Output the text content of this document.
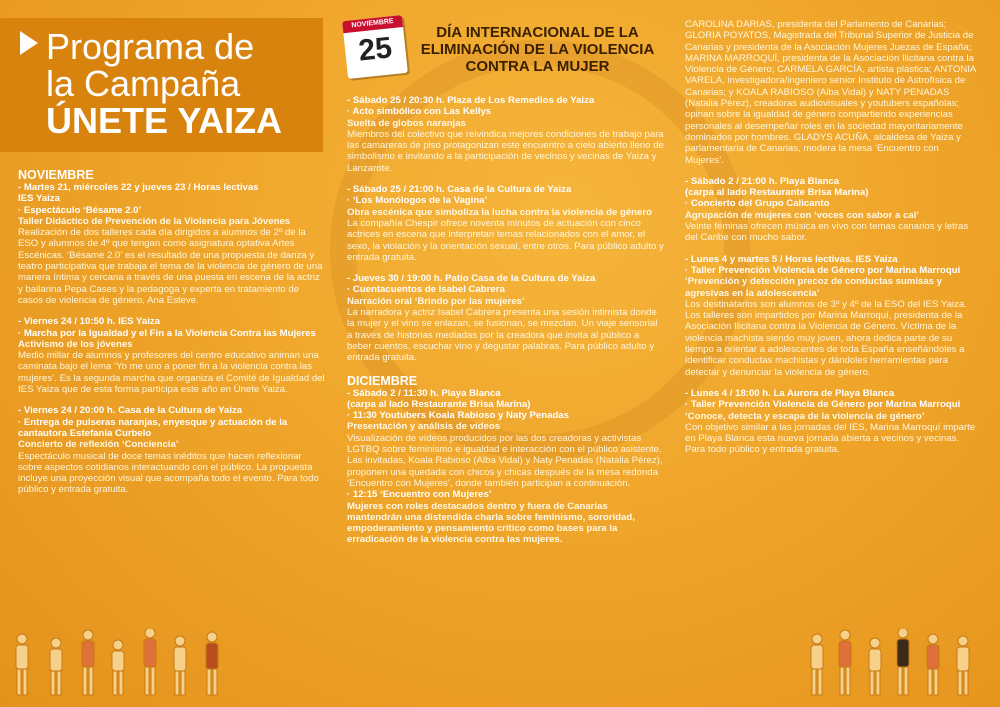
Programa de
la Campaña
ÚNETE YAIZA
NOVIEMBRE
25	DÍA INTERNACIONAL DE LA ELIMINACIÓN DE LA VIOLENCIA CONTRA LA MUJER
NOVIEMBRE
- Martes 21, miércoles 22 y jueves 23 / Horas lectivas
IES Yaiza
· Espectáculo ‘Bésame 2.0’
Taller Didáctico de Prevención de la Violencia para Jóvenes
Realización de dos talleres cada día dirigidos a alumnos de 2º de la ESO y alumnos de 4º que tengan como asignatura optativa Artes Escénicas. ‘Bésame 2.0’ es el resultado de una propuesta de danza y teatro participativa que trabaja el tema de la violencia de género de una manera íntima y cercana a través de una puesta en escena de la actriz y bailarina Pepa Cases y la pedagoga y experta en tratamiento de casos de violencia de género, Ana Esteve.
- Viernes 24 / 10:50 h. IES Yaiza
· Marcha por la Igualdad y el Fin a la Violencia Contra las Mujeres
Activismo de los jóvenes
Medio millar de alumnos y profesores del centro educativo animan una caminata bajo el lema ‘Yo me uno a poner fin a la violencia contra las mujeres’. Es la segunda marcha que organiza el Comité de Igualdad del IES Yaiza que de esta forma participa este año en Únete Yaiza.
- Viernes 24 / 20:00 h. Casa de la Cultura de Yaiza
· Entrega de pulseras naranjas, enyesque y actuación de la cantautora Estefanía Curbelo
Concierto de reflexión ‘Conciencia’
Espectáculo musical de doce temas inéditos que hacen reflexionar sobre aspectos cotidianos interactuando con el público. La propuesta incluye una proyección visual que acompaña todo el evento. Para todo público y entrada gratuita.
- Sábado 25 / 20:30 h. Plaza de Los Remedios de Yaiza
· Acto simbólico con Las Kellys
Suelta de globos naranjas
Miembros del colectivo que reivindica mejores condiciones de trabajo para las camareras de piso protagonizan este encuentro a cielo abierto lleno de simbolismo e invitando a la participación de vecinos y vecinas de Yaiza y Lanzarote.
- Sábado 25 / 21:00 h. Casa de la Cultura de Yaiza
· ‘Los Monólogos de la Vagina’
Obra escénica que simboliza la lucha contra la violencia de género
La compañía Chespir ofrece noventa minutos de actuación con cinco actrices en escena que interpretan temas relacionados con el amor, el sexo, la violación y la orientación sexual, entre otros. Para público adulto y entrada gratuita.
- Jueves 30 / 19:00 h. Patio Casa de la Cultura de Yaiza
· Cuentacuentos de Isabel Cabrera
Narración oral ‘Brindo por las mujeres’
La narradora y actriz Isabel Cabrera presenta una sesión intimista donde la mujer y el vino se enlazan, se fusionan, se mezclan. Un viaje sensorial a través de historias mediadas por la creadora que invita al público a beber cuentos, escuchar vino y degustar palabras. Para público adulto y entrada gratuita.
DICIEMBRE
- Sábado 2 / 11:30 h. Playa Blanca
(carpa al lado Restaurante Brisa Marina)
· 11:30 Youtubers Koala Rabioso y Naty Penadas
Presentación y análisis de vídeos
Visualización de vídeos producidos por las dos creadoras y activistas LGTBQ sobre feminismo e igualdad e interacción con el público asistente. Las invitadas, Koala Rabioso (Alba Vidal) y Naty Penadas (Natalia Pérez), proponen una quedada con chicos y chicas después de la mesa redonda ‘Encuentro con Mujeres’, donde también participan a continuación.
· 12:15 ‘Encuentro con Mujeres’
Mujeres con roles destacados dentro y fuera de Canarias mantendrán una distendida charla sobre feminismo, sororidad, empoderamiento y pensamiento crítico como bases para la erradicación de la violencia contra las mujeres.
CAROLINA DARIAS, presidenta del Parlamento de Canarias; GLORIA POYATOS, Magistrada del Tribunal Superior de Justicia de Canarias y presidenta de la Asociación Mujeres Juezas de España; MARINA MARROQUÍ, presidenta de la Asociación Ilicitana contra la Violencia de Género; CARMELA GARCÍA, artista plástica; ANTONIA VARELA, investigadora/ingeniero senior Instituto de Astrofísica de Canarias; y KOALA RABIOSO (Alba Vidal) y NATY PENADAS (Natalia Pérez), creadoras audiovisuales y youtubers españolas; opinan sobre la igualdad de género compartiendo experiencias personales al desempeñar roles en la sociedad mayoritariamente dominados por hombres. GLADYS ACUÑA, alcaldesa de Yaiza y parlamentaria de Canarias, modera la mesa ‘Encuentro con Mujeres’.
- Sábado 2 / 21:00 h. Playa Blanca
(carpa al lado Restaurante Brisa Marina)
· Concierto del Grupo Calicanto
Agrupación de mujeres con ‘voces con sabor a cal’
Veinte féminas ofrecen música en vivo con temas canarios y letras del Caribe con mucho sabor.
- Lunes 4 y martes 5 / Horas lectivas. IES Yaiza
· Taller Prevención Violencia de Género por Marina Marroqui
‘Prevención y detección precoz de conductas sumisas y agresivas en la adolescencia’
Los destinatarios son alumnos de 3º y 4º de la ESO del IES Yaiza. Los talleres son impartidos por Marina Marroquí, presidenta de la Asociación Ilicitana contra la Violencia de Género. Víctima de la violencia machista siendo muy joven, ahora dedica parte de su tiempo a orientar a adolescentes de toda España enseñándoles a identificar conductas machistas y dándoles herramientas para detectar y denunciar la violencia de género.
- Lunes 4 / 18:00 h. La Aurora de Playa Blanca
· Taller Prevención Violencia de Género por Marina Marroqui
‘Conoce, detecta y escapa de la violencia de género’
Con objetivo similar a las jornadas del IES, Marina Marroquí imparte en Playa Blanca esta nueva jornada abierta a vecinos y vecinas. Para todo público y entrada gratuita.
